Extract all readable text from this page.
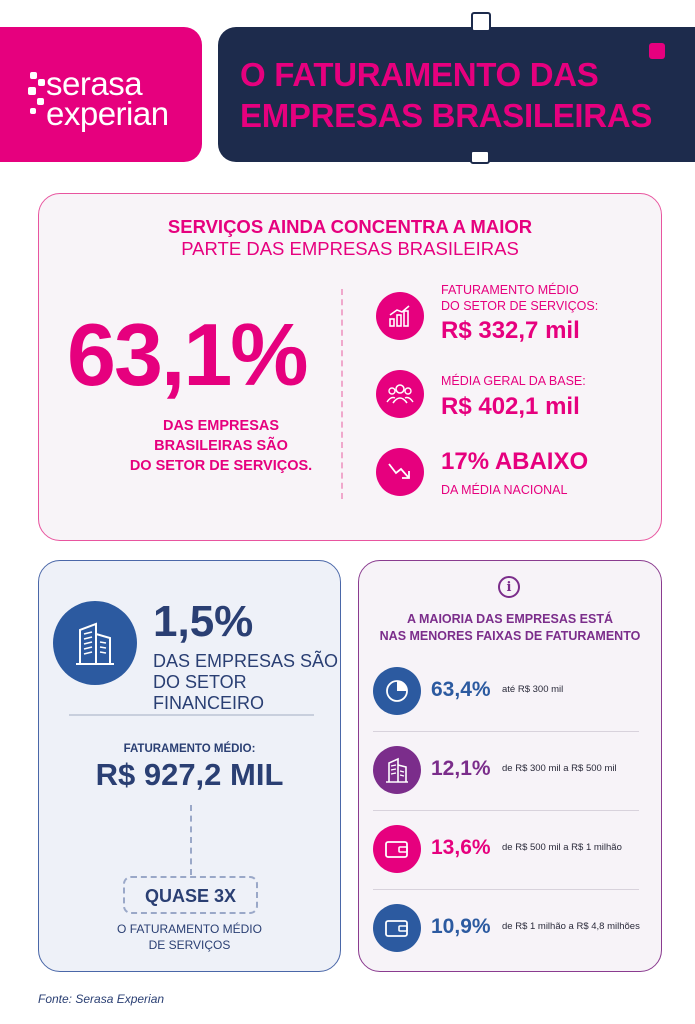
serasa
experian
O FATURAMENTO DAS
EMPRESAS BRASILEIRAS
SERVIÇOS AINDA CONCENTRA A MAIOR
PARTE DAS EMPRESAS BRASILEIRAS
63,1%
DAS EMPRESAS
BRASILEIRAS SÃO
DO SETOR DE SERVIÇOS.
FATURAMENTO MÉDIO
DO SETOR DE SERVIÇOS:
R$ 332,7 mil
MÉDIA GERAL DA BASE:
R$ 402,1 mil
17% ABAIXO
DA MÉDIA NACIONAL
1,5%
DAS EMPRESAS SÃO
DO SETOR FINANCEIRO
FATURAMENTO MÉDIO:
R$ 927,2 MIL
QUASE 3X
O FATURAMENTO MÉDIO
DE SERVIÇOS
i
A MAIORIA DAS EMPRESAS ESTÁ
NAS MENORES FAIXAS DE FATURAMENTO
63,4% até R$ 300 mil
12,1% de R$ 300 mil a R$ 500 mil
13,6% de R$ 500 mil a R$ 1 milhão
10,9% de R$ 1 milhão a R$ 4,8 milhões
Fonte: Serasa Experian
